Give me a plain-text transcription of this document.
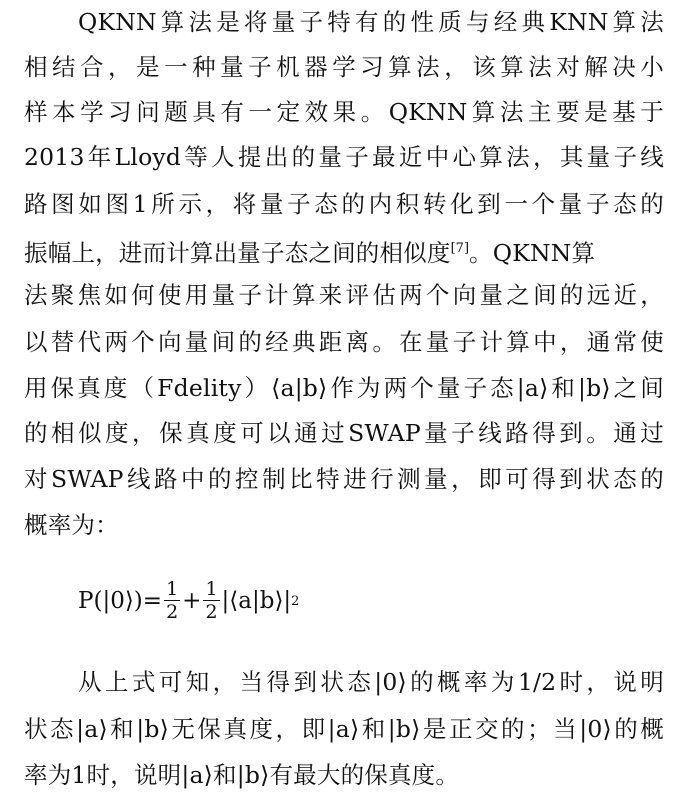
QKNN算法是将量子特有的性质与经典KNN算法
相结合，是一种量子机器学习算法，该算法对解决小
样本学习问题具有一定效果。QKNN算法主要是基于
2013年Lloyd等人提出的量子最近中心算法，其量子线
路图如图1所示，将量子态的内积转化到一个量子态的
振幅上，进而计算出量子态之间的相似度[7]。QKNN算
法聚焦如何使用量子计算来评估两个向量之间的远近，
以替代两个向量间的经典距离。在量子计算中，通常使
用保真度（Fdelity）⟨a|b⟩作为两个量子态|a⟩和|b⟩之间
的相似度，保真度可以通过SWAP量子线路得到。通过
对SWAP线路中的控制比特进行测量，即可得到状态的
概率为：
P(|0⟩)= $\frac{1}{2} + \frac{1}{2}$ |⟨a|b⟩| 2
从上式可知，当得到状态|0⟩的概率为1/2时，说明
状态|a⟩和|b⟩无保真度，即|a⟩和|b⟩是正交的；当|0⟩的概
率为1时，说明|a⟩和|b⟩有最大的保真度。
